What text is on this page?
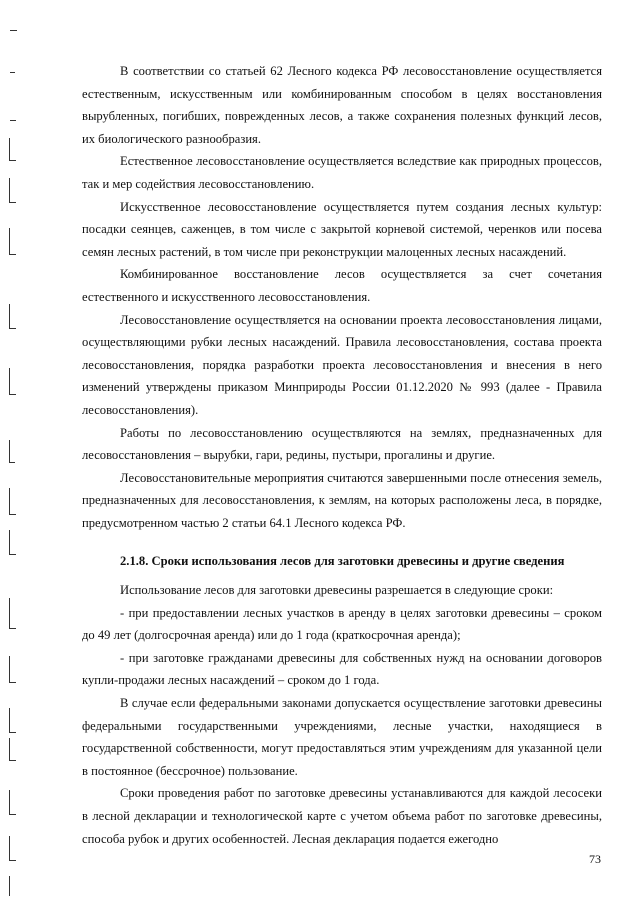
В соответствии со статьей 62 Лесного кодекса РФ лесовосстановление осуществляется естественным, искусственным или комбинированным способом в целях восстановления вырубленных, погибших, поврежденных лесов, а также сохранения полезных функций лесов, их биологического разнообразия.

Естественное лесовосстановление осуществляется вследствие как природных процессов, так и мер содействия лесовосстановлению.

Искусственное лесовосстановление осуществляется путем создания лесных культур: посадки сеянцев, саженцев, в том числе с закрытой корневой системой, черенков или посева семян лесных растений, в том числе при реконструкции малоценных лесных насаждений.

Комбинированное восстановление лесов осуществляется за счет сочетания естественного и искусственного лесовосстановления.

Лесовосстановление осуществляется на основании проекта лесовосстановления лицами, осуществляющими рубки лесных насаждений. Правила лесовосстановления, состава проекта лесовосстановления, порядка разработки проекта лесовосстановления и внесения в него изменений утверждены приказом Минприроды России 01.12.2020 № 993 (далее - Правила лесовосстановления).

Работы по лесовосстановлению осуществляются на землях, предназначенных для лесовосстановления – вырубки, гари, редины, пустыри, прогалины и другие.

Лесовосстановительные мероприятия считаются завершенными после отнесения земель, предназначенных для лесовосстановления, к землям, на которых расположены леса, в порядке, предусмотренном частью 2 статьи 64.1 Лесного кодекса РФ.

2.1.8. Сроки использования лесов для заготовки древесины и другие сведения

Использование лесов для заготовки древесины разрешается в следующие сроки:

- при предоставлении лесных участков в аренду в целях заготовки древесины – сроком до 49 лет (долгосрочная аренда) или до 1 года (краткосрочная аренда);

- при заготовке гражданами древесины для собственных нужд на основании договоров купли-продажи лесных насаждений – сроком до 1 года.

В случае если федеральными законами допускается осуществление заготовки древесины федеральными государственными учреждениями, лесные участки, находящиеся в государственной собственности, могут предоставляться этим учреждениям для указанной цели в постоянное (бессрочное) пользование.

Сроки проведения работ по заготовке древесины устанавливаются для каждой лесосеки в лесной декларации и технологической карте с учетом объема работ по заготовке древесины, способа рубок и других особенностей. Лесная декларация подается ежегодно

73
